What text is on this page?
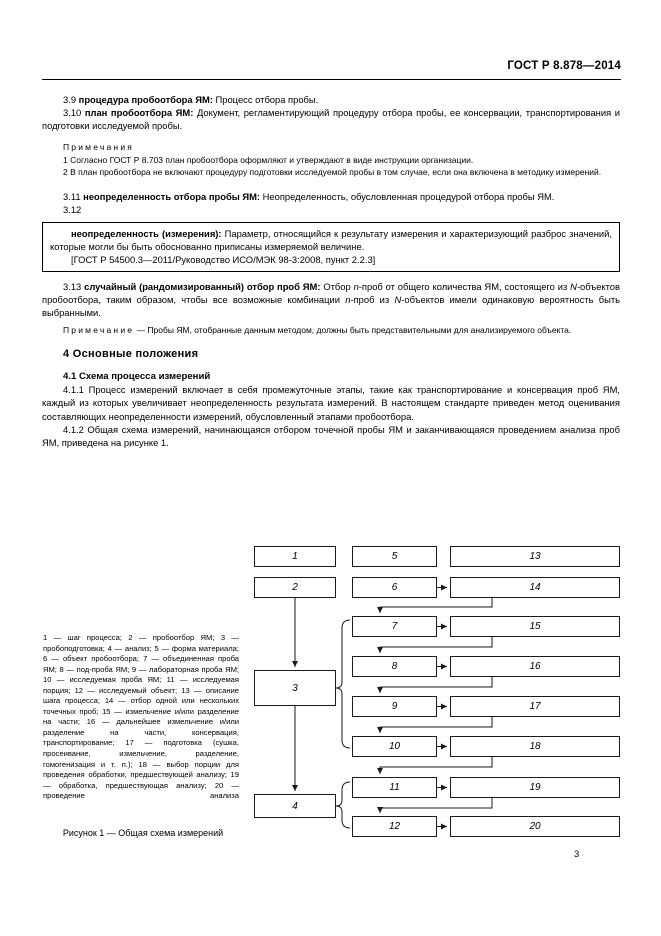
ГОСТ Р 8.878—2014

3.9 процедура пробоотбора ЯМ: Процесс отбора пробы.

3.10 план пробоотбора ЯМ: Документ, регламентирующий процедуру отбора пробы, ее консервации, транспортирования и подготовки исследуемой пробы.

Примечания

1 Согласно ГОСТ Р 8.703 план пробоотбора оформляют и утверждают в виде инструкции организации.

2 В план пробоотбора не включают процедуру подготовки исследуемой пробы в том случае, если она включена в методику измерений.

3.11 неопределенность отбора пробы ЯМ: Неопределенность, обусловленная процедурой отбора пробы ЯМ.

3.12

неопределенность (измерения): Параметр, относящийся к результату измерения и характеризующий разброс значений, которые могли бы быть обоснованно приписаны измеряемой величине.

[ГОСТ Р 54500.3—2011/Руководство ИСО/МЭК 98-3:2008, пункт 2.2.3]

3.13 случайный (рандомизированный) отбор проб ЯМ: Отбор n-проб от общего количества ЯМ, состоящего из N-объектов пробоотбора, таким образом, чтобы все возможные комбинации n-проб из N-объектов имели одинаковую вероятность быть выбранными.

Примечание — Пробы ЯМ, отобранные данным методом, должны быть представительными для анализируемого объекта.

4 Основные положения
4.1 Схема процесса измерений

4.1.1 Процесс измерений включает в себя промежуточные этапы, такие как транспортирование и консервация проб ЯМ, каждый из которых увеличивает неопределенность результата измерений. В настоящем стандарте приведен метод оценивания составляющих неопределенности измерений, обусловленный этапами пробоотбора.

4.1.2 Общая схема измерений, начинающаяся отбором точечной пробы ЯМ и заканчивающаяся проведением анализа проб ЯМ, приведена на рисунке 1.

1
2
3
4
5
6
7
8
9
10
11
12
13
14
15
16
17
18
19
20
1 — шаг процесса; 2 — пробоотбор ЯМ; 3 — пробоподготовка; 4 — анализ; 5 — форма материала; 6 — объект пробоотбора; 7 — объединенная проба ЯМ; 8 — под-проба ЯМ; 9 — лабораторная проба ЯМ; 10 — исследуемая проба ЯМ; 11 — исследуемая порция; 12 — исследуемый объект; 13 — описание шага процесса; 14 — отбор одной или нескольких точечных проб; 15 — измельчение и/или разделение на части; 16 — дальнейшее измельчение и/или разделение на части, консервация, транспортирование; 17 — подготовка (сушка, просеивание, измельчение, разделение, гомогенизация и т. п.); 18 — выбор порции для проведения обработки, предшествующей анализу; 19 — обработка, предшествующая анализу; 20 — проведение анализа
Рисунок 1 — Общая схема измерений
3
